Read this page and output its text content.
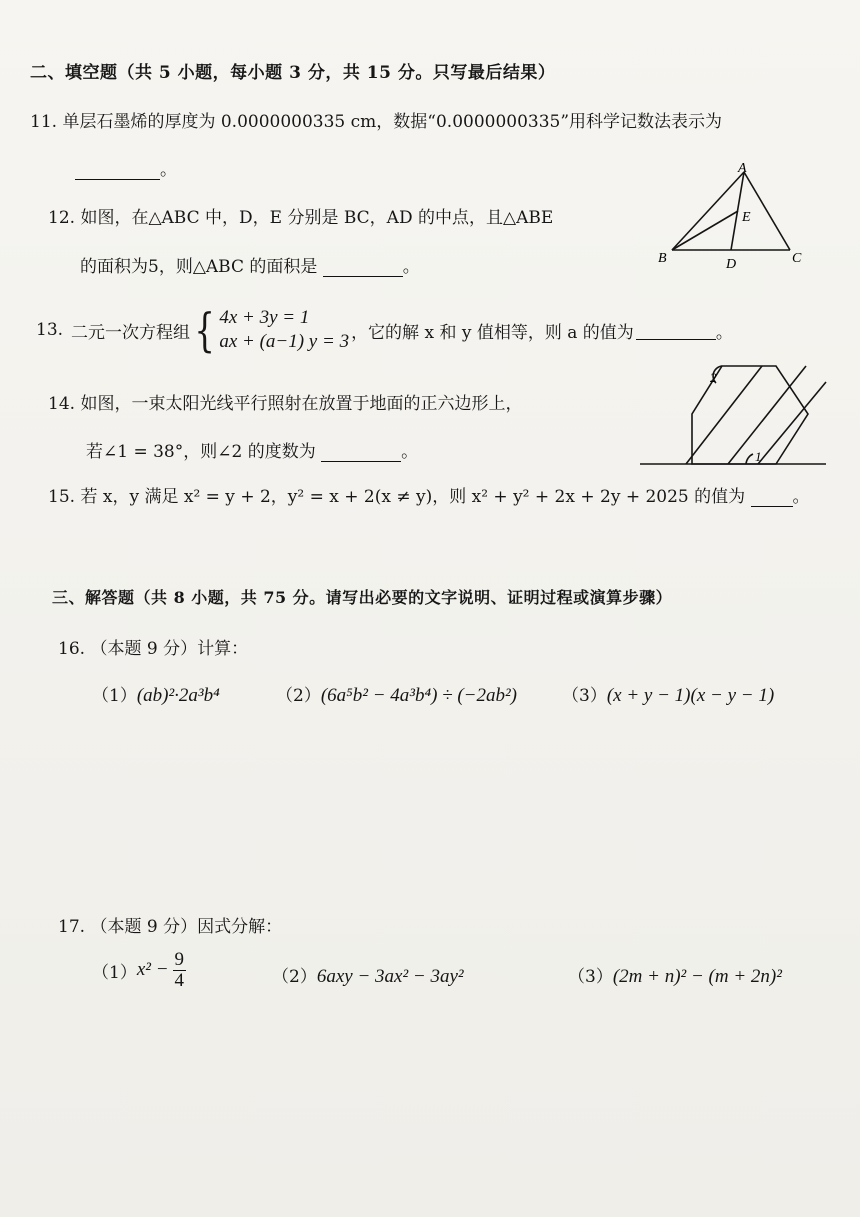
二、填空题（共 5 小题，每小题 3 分，共 15 分。只写最后结果）
11. 单层石墨烯的厚度为 0.0000000335 cm，数据“0.0000000335”用科学记数法表示为
。
12. 如图，在△ABC 中，D，E 分别是 BC，AD 的中点，且△ABE
的面积为5，则△ABC 的面积是	。
A
B	C
D
E
13. 二元一次方程组 { 4x + 3y = 1
ax + (a−1) y = 3 ，它的解 x 和 y 值相等，则 a 的值为	。
14. 如图，一束太阳光线平行照射在放置于地面的正六边形上，
若∠1 = 38°，则∠2 的度数为	。	1
2
15. 若 x，y 满足 x² = y + 2，y² = x + 2(x ≠ y)，则 x² + y² + 2x + 2y + 2025 的值为	。
三、解答题（共 8 小题，共 75 分。请写出必要的文字说明、证明过程或演算步骤）
16. （本题 9 分）计算：
（1）(ab)²·2a³b⁴	（2）(6a⁵b² − 4a³b⁴) ÷ (−2ab²)	（3）(x + y − 1)(x − y − 1)
17. （本题 9 分）因式分解：
（1） $x^2 - \frac{9}{4}$	（2）6axy − 3ax² − 3ay²	（3）(2m + n)² − (m + 2n)²
